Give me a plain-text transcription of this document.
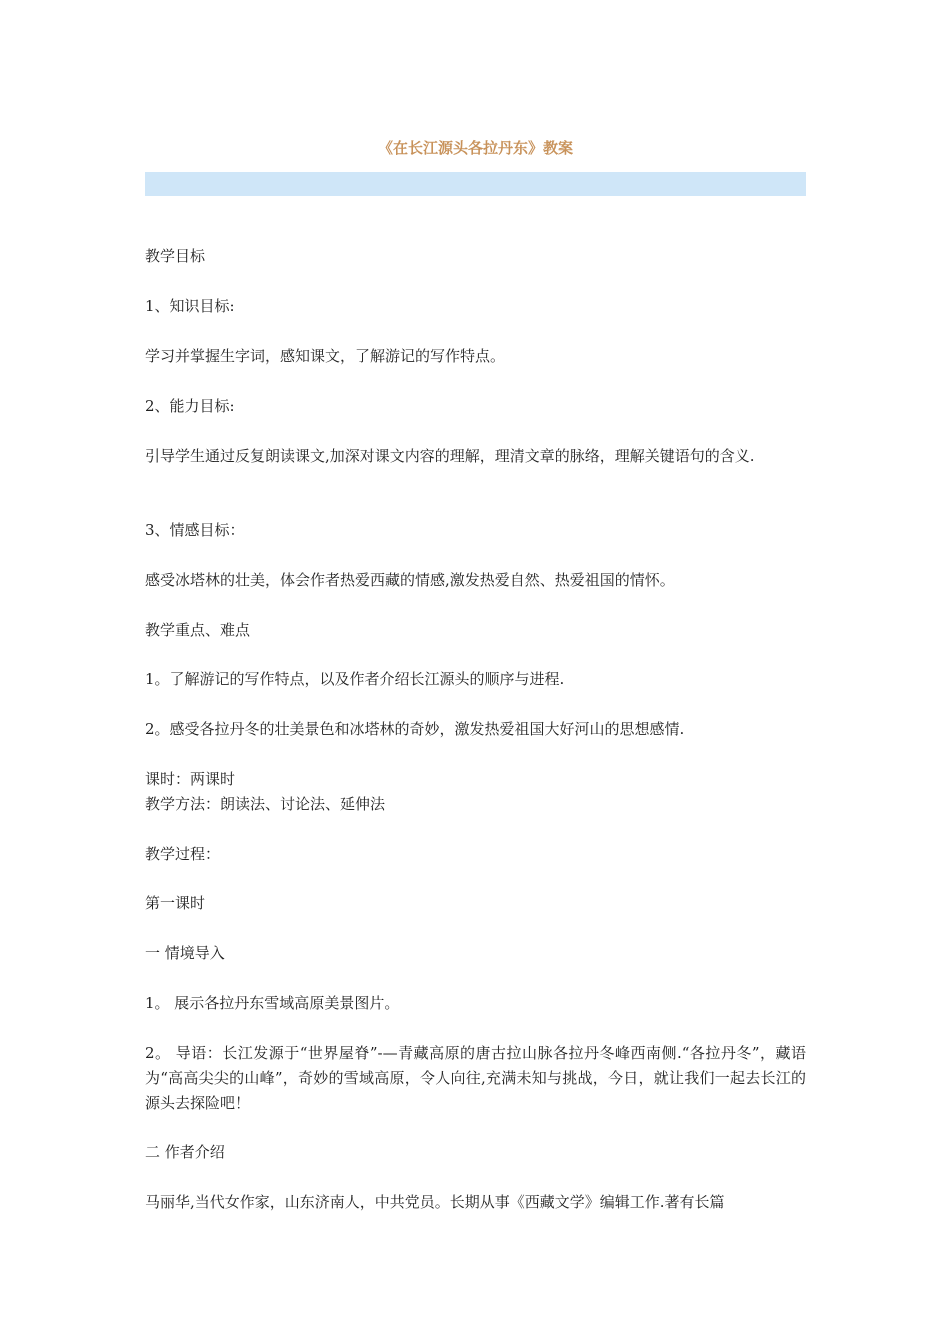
《在长江源头各拉丹东》教案
教学目标
1、知识目标:
学习并掌握生字词，感知课文，了解游记的写作特点。
2、能力目标:
引导学生通过反复朗读课文,加深对课文内容的理解，理清文章的脉络，理解关键语句的含义.
3、情感目标：
感受冰塔林的壮美，体会作者热爱西藏的情感,激发热爱自然、热爱祖国的情怀。
教学重点、难点
1。了解游记的写作特点，以及作者介绍长江源头的顺序与进程.
2。感受各拉丹冬的壮美景色和冰塔林的奇妙，激发热爱祖国大好河山的思想感情.
课时：两课时
教学方法：朗读法、讨论法、延伸法
教学过程：
第一课时
一 情境导入
1。 展示各拉丹东雪域高原美景图片。
2。 导语：长江发源于“世界屋脊”-—青藏高原的唐古拉山脉各拉丹冬峰西南侧.“各拉丹冬”，藏语为“高高尖尖的山峰”，奇妙的雪域高原，令人向往,充满未知与挑战，今日，就让我们一起去长江的源头去探险吧！
二 作者介绍
马丽华,当代女作家，山东济南人，中共党员。长期从事《西藏文学》编辑工作.著有长篇
